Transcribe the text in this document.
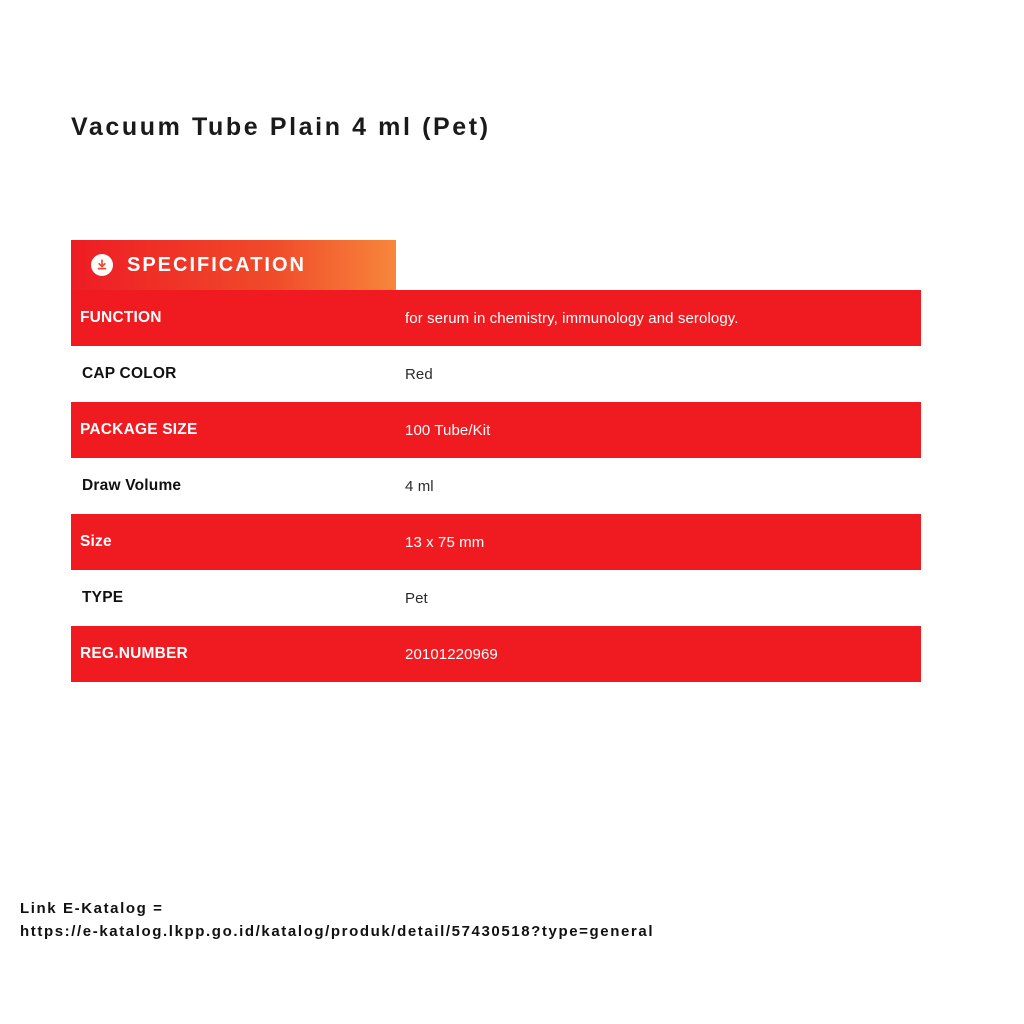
Vacuum Tube Plain 4 ml (Pet)
SPECIFICATION
FUNCTION	for serum in chemistry, immunology and serology.
CAP COLOR	Red
PACKAGE SIZE	100 Tube/Kit
Draw Volume	4 ml
Size	13 x 75 mm
TYPE	Pet
REG.NUMBER	20101220969
Link E-Katalog =
https://e-katalog.lkpp.go.id/katalog/produk/detail/57430518?type=general
